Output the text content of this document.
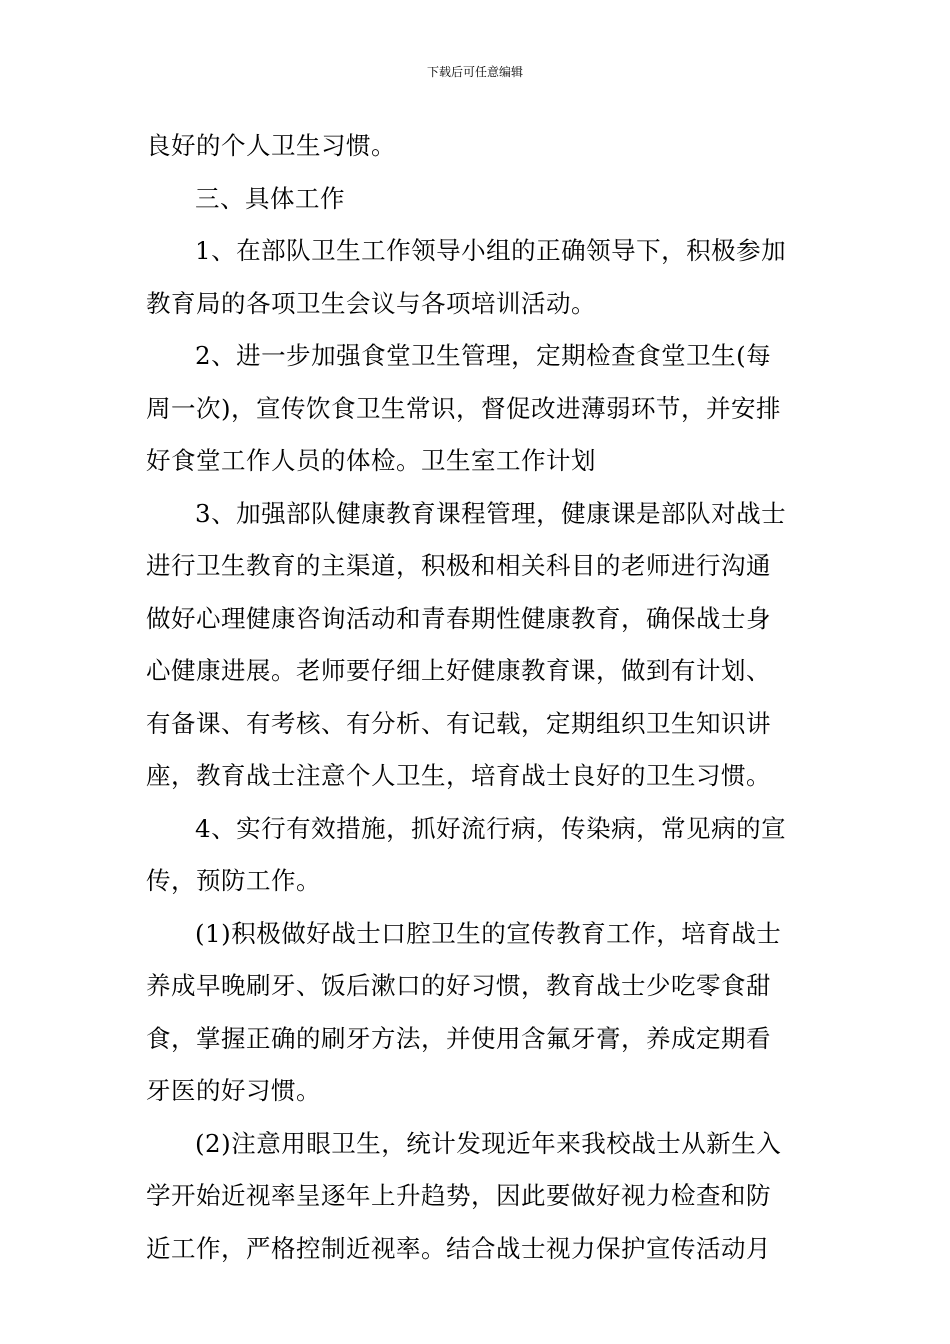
下载后可任意编辑
良好的个人卫生习惯。
三、具体工作
1、在部队卫生工作领导小组的正确领导下，积极参加
教育局的各项卫生会议与各项培训活动。
2、进一步加强食堂卫生管理，定期检查食堂卫生(每
周一次)，宣传饮食卫生常识，督促改进薄弱环节，并安排
好食堂工作人员的体检。卫生室工作计划
3、加强部队健康教育课程管理，健康课是部队对战士
进行卫生教育的主渠道，积极和相关科目的老师进行沟通
做好心理健康咨询活动和青春期性健康教育，确保战士身
心健康进展。老师要仔细上好健康教育课，做到有计划、
有备课、有考核、有分析、有记载，定期组织卫生知识讲
座，教育战士注意个人卫生，培育战士良好的卫生习惯。
4、实行有效措施，抓好流行病，传染病，常见病的宣
传，预防工作。
(1)积极做好战士口腔卫生的宣传教育工作，培育战士
养成早晚刷牙、饭后漱口的好习惯，教育战士少吃零食甜
食，掌握正确的刷牙方法，并使用含氟牙膏，养成定期看
牙医的好习惯。
(2)注意用眼卫生，统计发现近年来我校战士从新生入
学开始近视率呈逐年上升趋势，因此要做好视力检查和防
近工作，严格控制近视率。结合战士视力保护宣传活动月
